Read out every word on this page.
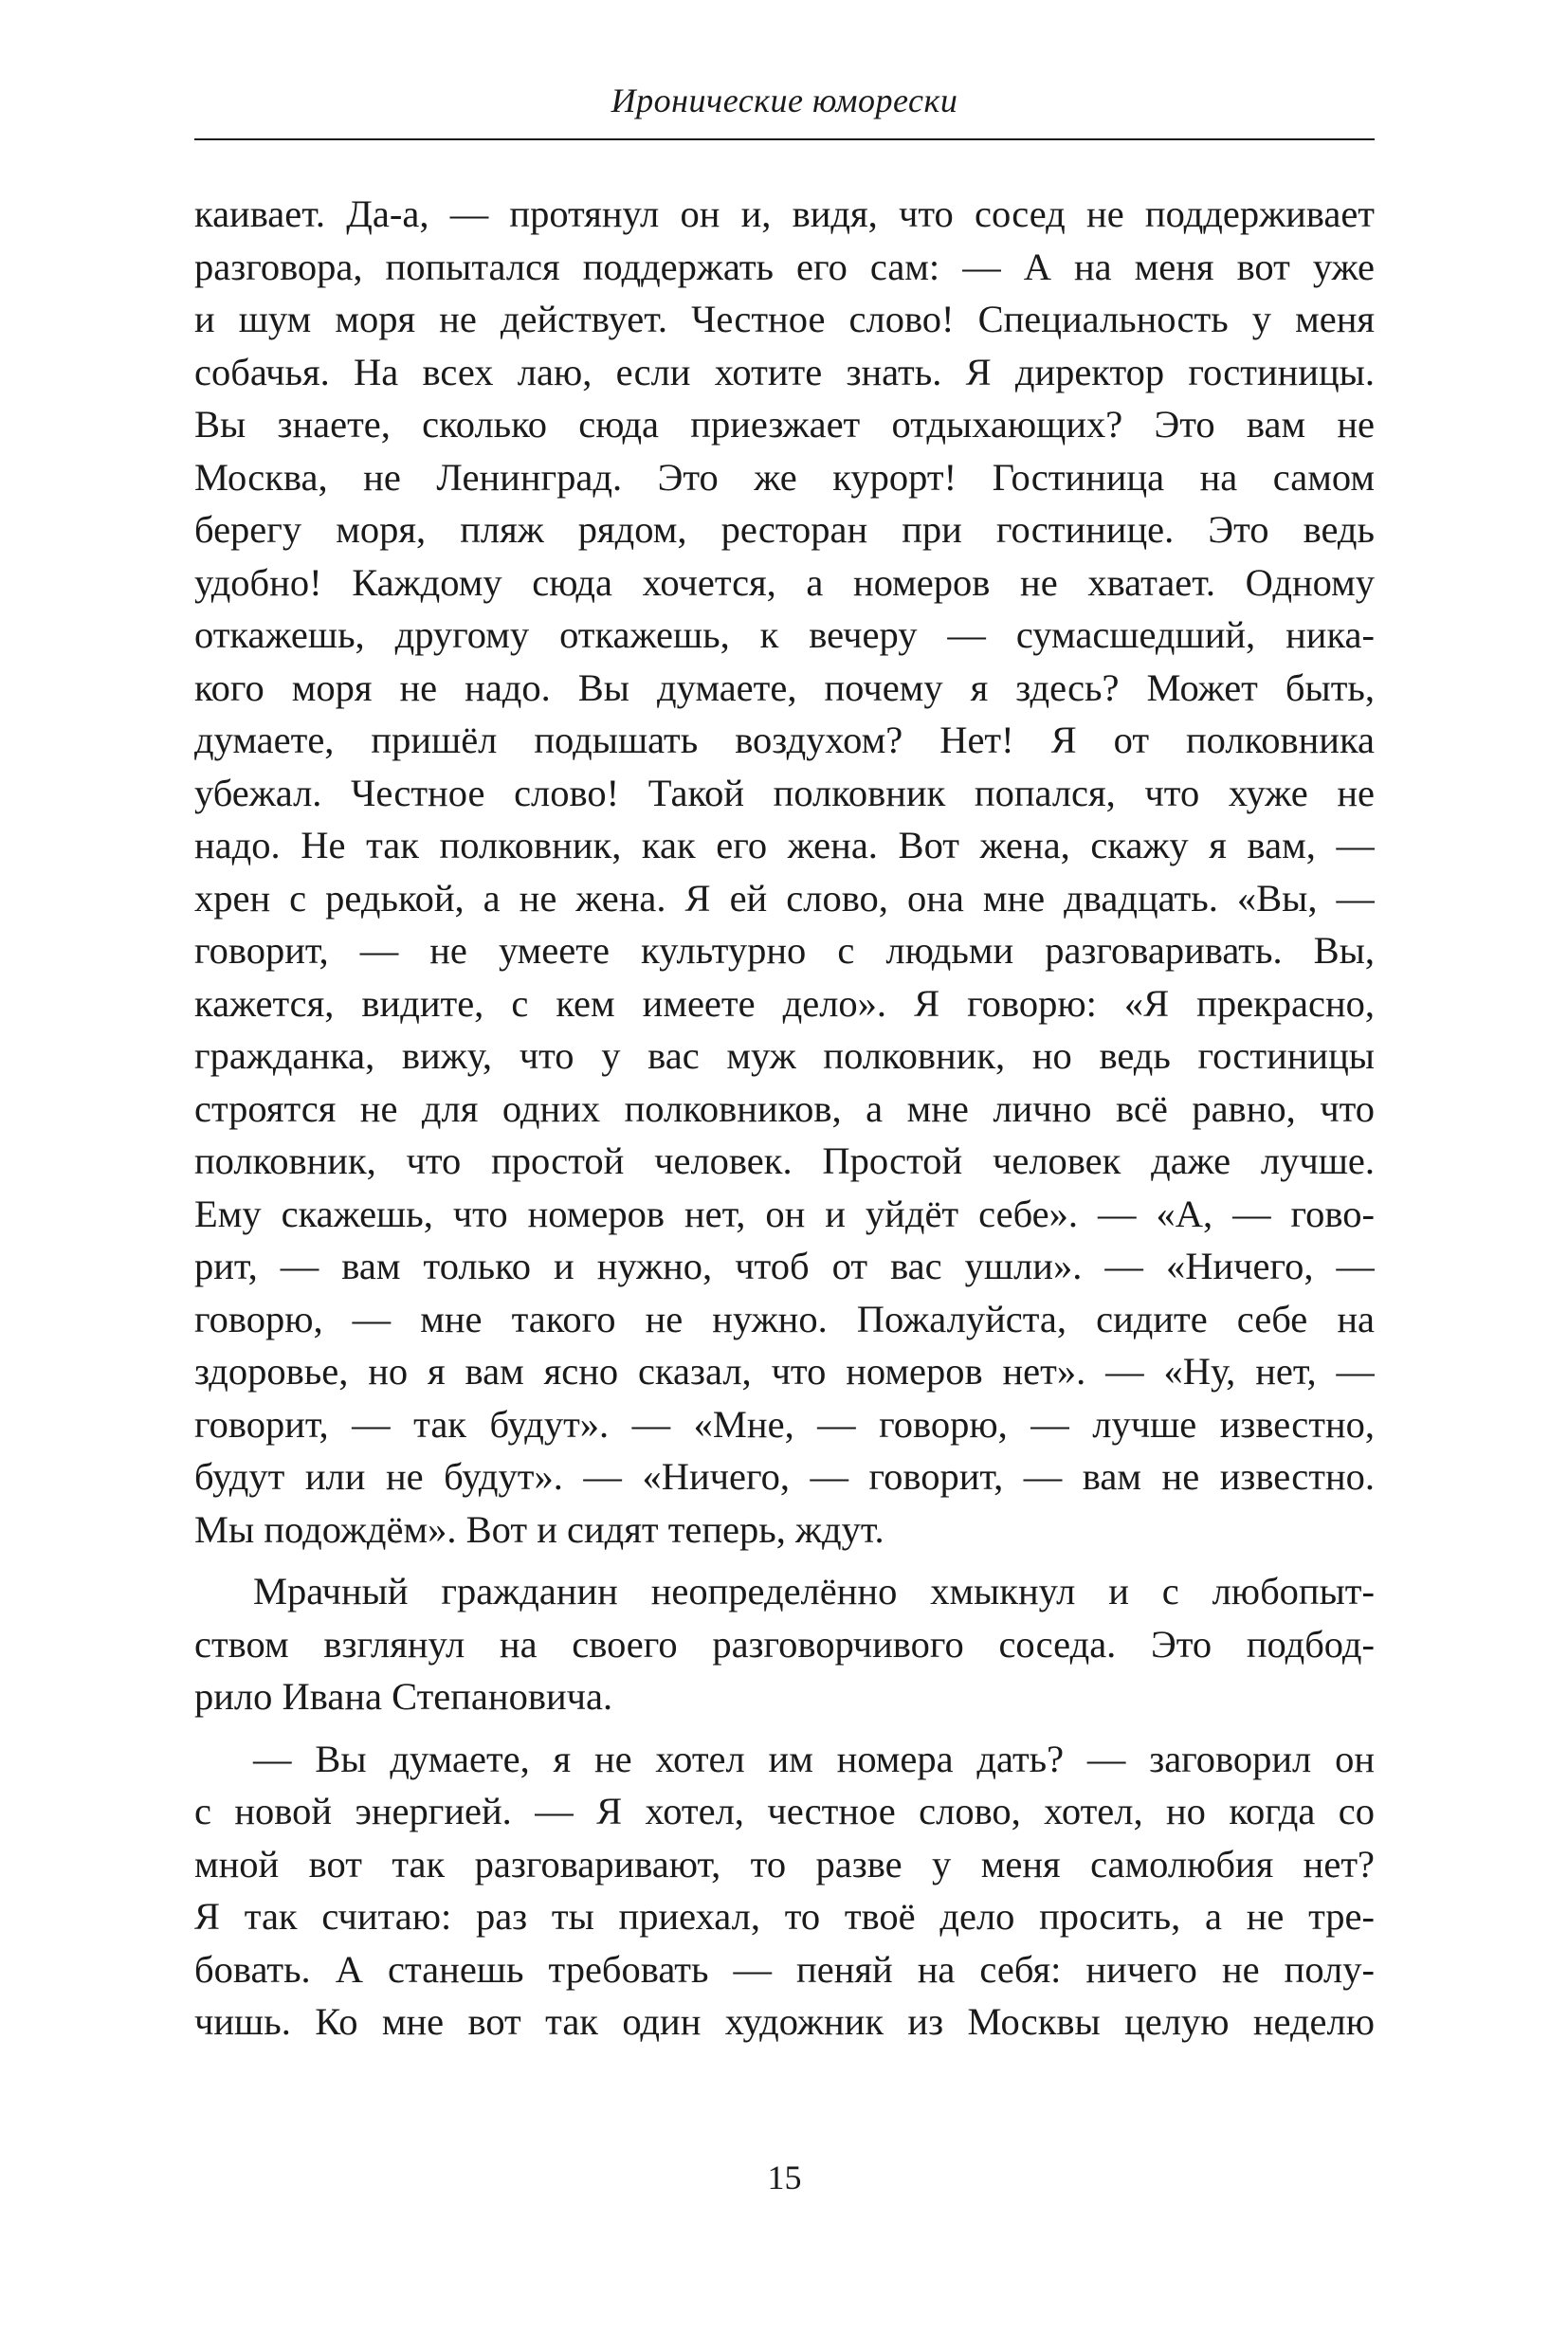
Иронические юморески

каивает. Да-а, — протянул он и, видя, что сосед не поддерживает
разговора, попытался поддержать его сам: — А на меня вот уже
и шум моря не действует. Честное слово! Специальность у меня
собачья. На всех лаю, если хотите знать. Я директор гостиницы.
Вы знаете, сколько сюда приезжает отдыхающих? Это вам не
Москва, не Ленинград. Это же курорт! Гостиница на самом
берегу моря, пляж рядом, ресторан при гостинице. Это ведь
удобно! Каждому сюда хочется, а номеров не хватает. Одному
откажешь, другому откажешь, к вечеру — сумасшедший, ника-
кого моря не надо. Вы думаете, почему я здесь? Может быть,
думаете, пришёл подышать воздухом? Нет! Я от полковника
убежал. Честное слово! Такой полковник попался, что хуже не
надо. Не так полковник, как его жена. Вот жена, скажу я вам, —
хрен с редькой, а не жена. Я ей слово, она мне двадцать. «Вы, —
говорит, — не умеете культурно с людьми разговаривать. Вы,
кажется, видите, с кем имеете дело». Я говорю: «Я прекрасно,
гражданка, вижу, что у вас муж полковник, но ведь гостиницы
строятся не для одних полковников, а мне лично всё равно, что
полковник, что простой человек. Простой человек даже лучше.
Ему скажешь, что номеров нет, он и уйдёт себе». — «А, — гово-
рит, — вам только и нужно, чтоб от вас ушли». — «Ничего, —
говорю, — мне такого не нужно. Пожалуйста, сидите себе на
здоровье, но я вам ясно сказал, что номеров нет». — «Ну, нет, —
говорит, — так будут». — «Мне, — говорю, — лучше известно,
будут или не будут». — «Ничего, — говорит, — вам не известно.
Мы подождём». Вот и сидят теперь, ждут.

Мрачный гражданин неопределённо хмыкнул и с любопыт-
ством взглянул на своего разговорчивого соседа. Это подбод-
рило Ивана Степановича.

— Вы думаете, я не хотел им номера дать? — заговорил он
с новой энергией. — Я хотел, честное слово, хотел, но когда со
мной вот так разговаривают, то разве у меня самолюбия нет?
Я так считаю: раз ты приехал, то твоё дело просить, а не тре-
бовать. А станешь требовать — пеняй на себя: ничего не полу-
чишь. Ко мне вот так один художник из Москвы целую неделю

15
